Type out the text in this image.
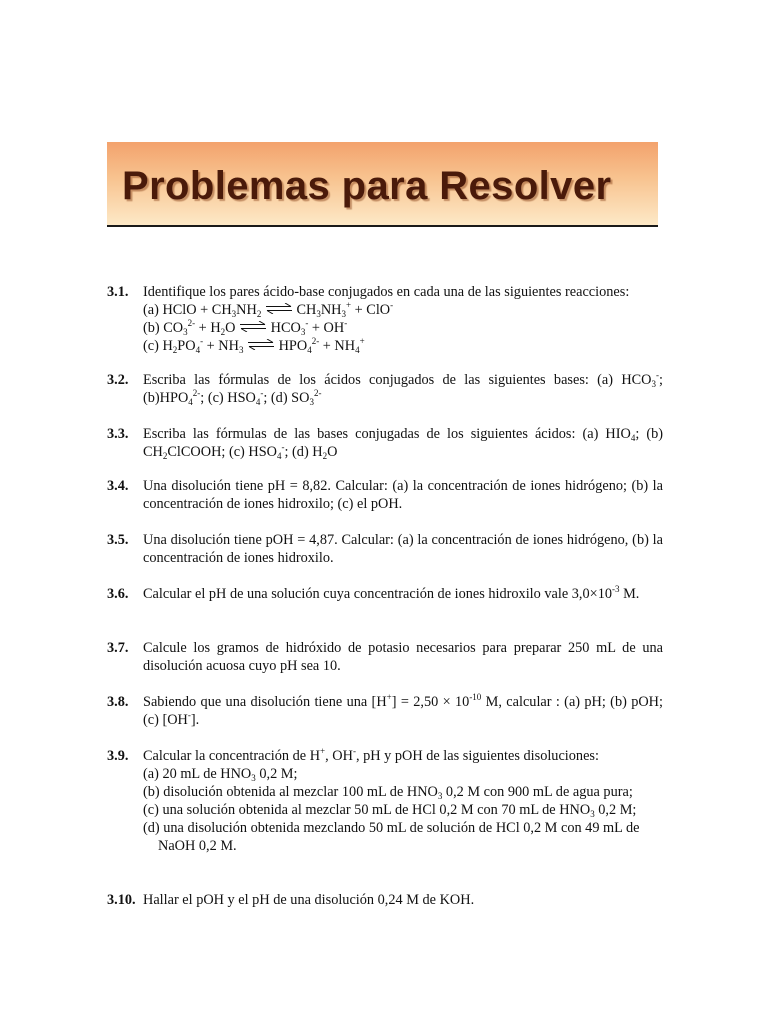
Problemas para Resolver
3.1.	Identifique los pares ácido-base conjugados en cada una de las siguientes reacciones:
(a) HClO + $CH_3NH_2$ ⇌ $CH_3NH_3^+ + ClO^-$
(b) $CO_3^{2-} + H_2O$ ⇌ $HCO_3^- + OH^-$
(c) $H_2PO_4^- + NH_3$ ⇌ $HPO_4^{2-} + NH_4^+$
3.2.	Escriba las fórmulas de los ácidos conjugados de las siguientes bases: (a) $HCO_3^-$; $(b)HPO_4^{2-}$; (c) $HSO_4^-$; (d) $SO_3^{2-}$
3.3.	Escriba las fórmulas de las bases conjugadas de los siguientes ácidos: (a) $HIO_4$; (b) $CH_2ClCOOH$; (c) $HSO_4^-$; (d) $H_2O$
3.4.	Una disolución tiene pH = 8,82. Calcular: (a) la concentración de iones hidrógeno; (b) la concentración de iones hidroxilo; (c) el pOH.
3.5.	Una disolución tiene pOH = 4,87. Calcular: (a) la concentración de iones hidrógeno, (b) la concentración de iones hidroxilo.
3.6.	Calcular el pH de una solución cuya concentración de iones hidroxilo vale $3,0\times 10^{-3}$ M.
3.7.	Calcule los gramos de hidróxido de potasio necesarios para preparar 250 mL de una disolución acuosa cuyo pH sea 10.
3.8.	Sabiendo que una disolución tiene una $[H^+] = 2,50 \times 10^{-10}$ M, calcular : (a) pH; (b) pOH; (c) [OH-].
3.9.	Calcular la concentración de H+, OH-, pH y pOH de las siguientes disoluciones:
(a) 20 mL de $HNO_3$ 0,2 M;
(b) disolución obtenida al mezclar 100 mL de $HNO_3$ 0,2 M con 900 mL de agua pura;
(c) una solución obtenida al mezclar 50 mL de HCl 0,2 M con 70 mL de $HNO_3$ 0,2 M;
(d) una disolución obtenida mezclando 50 mL de solución de HCl 0,2 M con 49 mL de NaOH 0,2 M.
3.10. Hallar el pOH y el pH de una disolución 0,24 M de KOH.
